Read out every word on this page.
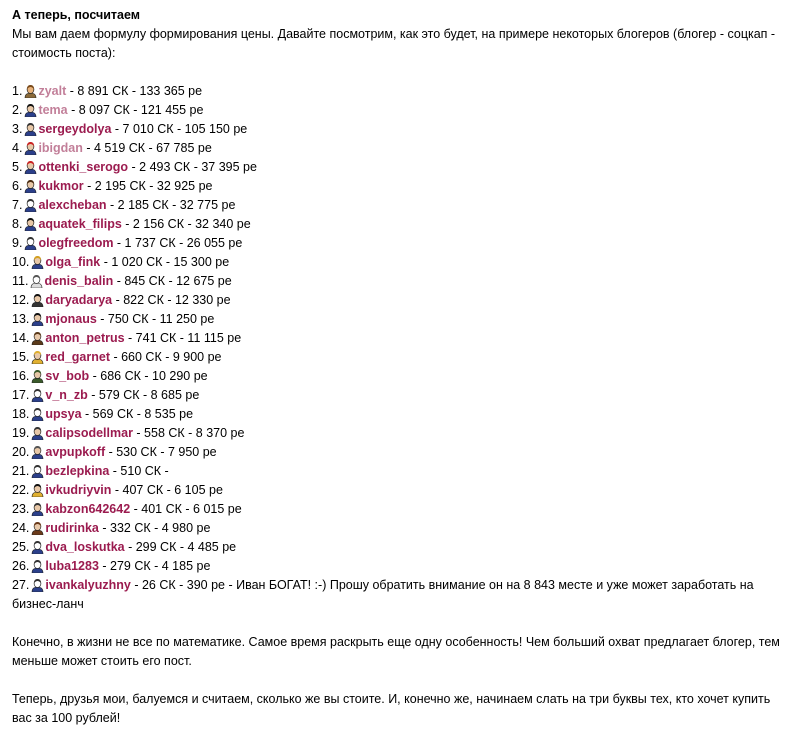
А теперь, посчитаем
Мы вам даем формулу формирования цены. Давайте посмотрим, как это будет, на примере некоторых блогеров (блогер - соцкап - стоимость поста):
1.zyalt - 8 891 СК - 133 365 ре
2.tema - 8 097 СК - 121 455 ре
3.sergeydolya - 7 010 СК - 105 150 ре
4.ibigdan - 4 519 СК - 67 785 ре
5.ottenki_serogo - 2 493 СК - 37 395 ре
6.kukmor - 2 195 СК - 32 925 ре
7.alexcheban - 2 185 СК - 32 775 ре
8.aquatek_filips - 2 156 СК - 32 340 ре
9.olegfreedom - 1 737 СК - 26 055 ре
10.olga_fink - 1 020 СК - 15 300 ре
11.denis_balin - 845 СК - 12 675 ре
12.daryadarya - 822 СК - 12 330 ре
13.mjonaus - 750 СК - 11 250 ре
14.anton_petrus - 741 СК - 11 115 ре
15.red_garnet - 660 СК - 9 900 ре
16.sv_bob - 686 СК - 10 290 ре
17.v_n_zb - 579 СК - 8 685 ре
18.upsya - 569 СК - 8 535 ре
19.calipsodellmar - 558 СК - 8 370 ре
20.avpupkoff - 530 СК - 7 950 ре
21.bezlepkina - 510 СК -
22.ivkudriyvin - 407 СК - 6 105 ре
23.kabzon642642 - 401 СК - 6 015 ре
24.rudirinka - 332 СК - 4 980 ре
25.dva_loskutka - 299 СК - 4 485 ре
26.luba1283 - 279 СК - 4 185 ре
27.ivankalyuzhny - 26 СК - 390 ре - Иван БОГАТ! :-) Прошу обратить внимание он на 8 843 месте и уже может заработать на бизнес-ланч
Конечно, в жизни не все по математике. Самое время раскрыть еще одну особенность! Чем больший охват предлагает блогер, тем меньше может стоить его пост.
Теперь, друзья мои, балуемся и считаем, сколько же вы стоите. И, конечно же, начинаем слать на три буквы тех, кто хочет купить вас за 100 рублей!
